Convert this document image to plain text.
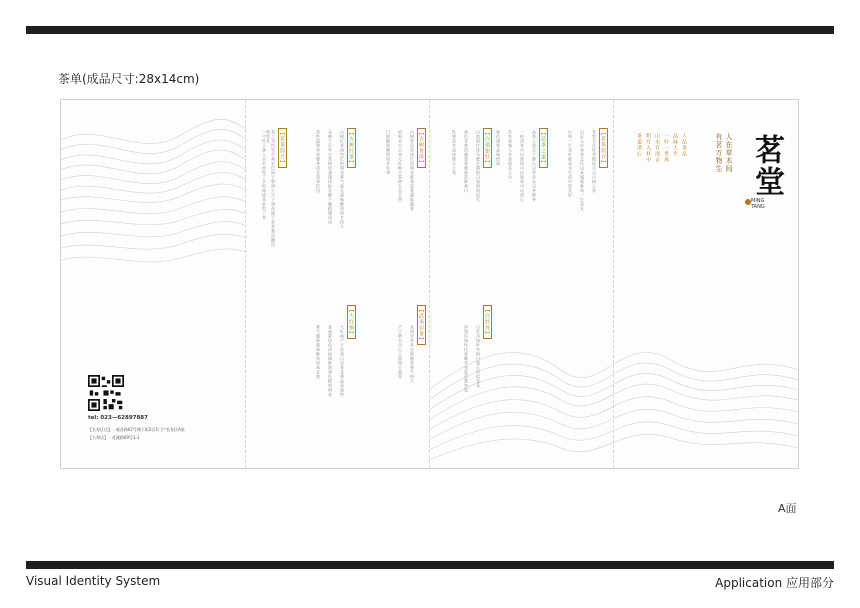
茶单(成品尺寸:28x14cm)
tel: 023—62897887
【长寿区店】 · 观音路67号博子街2区1门户长寿区A座
【人和店】 · 花溪路69号1-1
【茗茶简介】
茶之为饮发乎神农氏闻于鲁周公兴于唐而盛于宋茶香清幽回味悠长
一片叶子落入水中改变了水的味道从此有了茶	【古树红茶】
古树红茶汤色红艳明亮香气高长滋味醇厚回甘持久
采摘于百年古茶树经萎凋揉捻发酵干燥精制而成
茶性温和养胃暖身适宜四季饮用
【大红袍】
大红袍产于武夷山岩骨花香品质独特
条索紧结色泽绿褐鲜润汤色橙黄明亮
香气馥郁滋味醇厚回味甘爽
【古树普洱】
古树普洱茶汤红浓明亮陈香显著越陈越香
原料采自云南大叶种古茶树生态天然
口感醇厚顺滑回甘生津
【武夷岩茶】
武夷岩茶具岩韵醇厚香气持久
产于碧水丹山之间得天独厚
【白毫银针】
白毫银针芽头肥壮满披白毫如银似雪
汤色杏黄清澈毫香蜜韵清鲜爽口
性寒凉有退热降火之效
【白牡丹】
白牡丹绿叶夹银白毫心形似花朵
冲泡后绿叶托着嫩芽宛如蓓蕾初放
【品茶之道】
品茶之道在于静心以茶会友以茶修身
一杯清茶可以涤烦可以致和可以清心
茶有真味人有真情茶人合一
观色闻香品味悟道	【茗茶简介】
茗堂专注好茶精选名山古树之茶
以匠心传承茶文化以真诚服务每一位茶友
让每一片茶叶都成为生活中的美好	茶道清心 明月入杯中 山水有清音 一叶一世界 品味人生 人品茶品	人在草木间
有茗万物生 茗堂
MING TANG
A面
Visual Identity System	Application 应用部分
